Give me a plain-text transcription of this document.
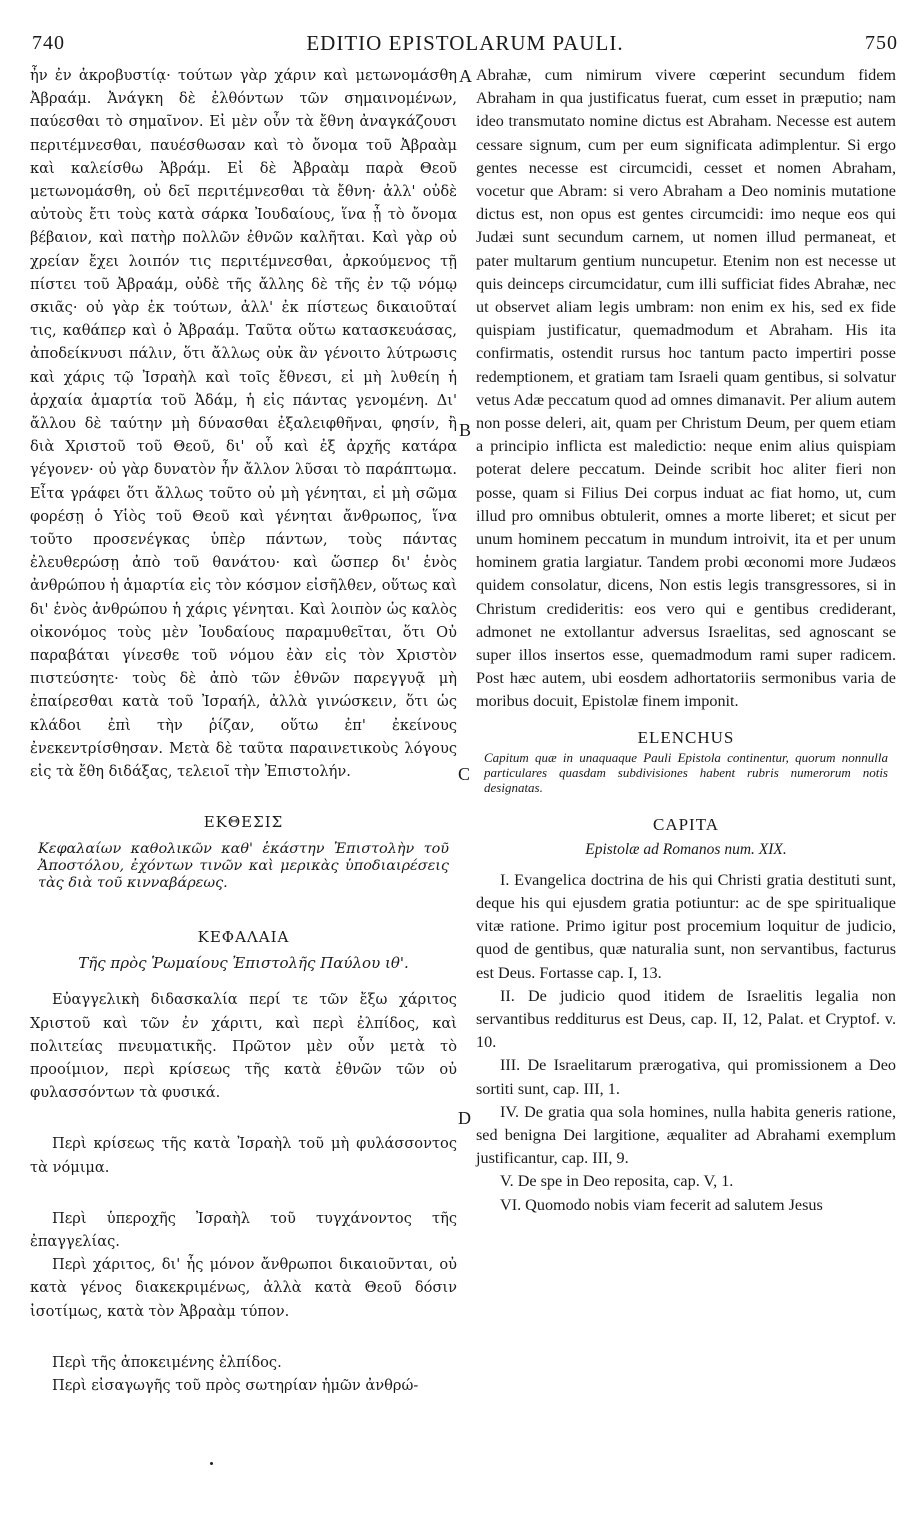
740	EDITIO EPISTOLARUM PAULI.	750
A
B
C
D

ἦν ἐν ἀκροβυστίᾳ· τούτων γὰρ χάριν καὶ μετωνομάσθη Ἀβραάμ. Ἀνάγκη δὲ ἐλθόντων τῶν σημαινομένων, παύεσθαι τὸ σημαῖνον. Εἰ μὲν οὖν τὰ ἔθνη ἀναγκάζουσι περιτέμνεσθαι, παυέσθωσαν καὶ τὸ ὄνομα τοῦ Ἀβραὰμ καὶ καλείσθω Ἀβράμ. Εἰ δὲ Ἀβραὰμ παρὰ Θεοῦ μετωνομάσθη, οὐ δεῖ περιτέμνεσθαι τὰ ἔθνη· ἀλλ' οὐδὲ αὐτοὺς ἔτι τοὺς κατὰ σάρκα Ἰουδαίους, ἵνα ᾖ τὸ ὄνομα βέβαιον, καὶ πατὴρ πολλῶν ἐθνῶν καλῆται. Καὶ γὰρ οὐ χρείαν ἔχει λοιπόν τις περιτέμνεσθαι, ἀρκούμενος τῇ πίστει τοῦ Ἀβραάμ, οὐδὲ τῆς ἄλλης δὲ τῆς ἐν τῷ νόμῳ σκιᾶς· οὐ γὰρ ἐκ τούτων, ἀλλ' ἐκ πίστεως δικαιοῦταί τις, καθάπερ καὶ ὁ Ἀβραάμ. Ταῦτα οὕτω κατασκευάσας, ἀποδείκνυσι πάλιν, ὅτι ἄλλως οὐκ ἂν γένοιτο λύτρωσις καὶ χάρις τῷ Ἰσραὴλ καὶ τοῖς ἔθνεσι, εἰ μὴ λυθείη ἡ ἀρχαία ἁμαρτία τοῦ Ἀδάμ, ἡ εἰς πάντας γενομένη. Δι' ἄλλου δὲ ταύτην μὴ δύνασθαι ἐξαλειφθῆναι, φησίν, ἢ διὰ Χριστοῦ τοῦ Θεοῦ, δι' οὗ καὶ ἐξ ἀρχῆς κατάρα γέγονεν· οὐ γὰρ δυνατὸν ἦν ἄλλον λῦσαι τὸ παράπτωμα. Εἶτα γράφει ὅτι ἄλλως τοῦτο οὐ μὴ γένηται, εἰ μὴ σῶμα φορέσῃ ὁ Υἱὸς τοῦ Θεοῦ καὶ γένηται ἄνθρωπος, ἵνα τοῦτο προσενέγκας ὑπὲρ πάντων, τοὺς πάντας ἐλευθερώσῃ ἀπὸ τοῦ θανάτου· καὶ ὥσπερ δι' ἑνὸς ἀνθρώπου ἡ ἁμαρτία εἰς τὸν κόσμον εἰσῆλθεν, οὕτως καὶ δι' ἑνὸς ἀνθρώπου ἡ χάρις γένηται. Καὶ λοιπὸν ὡς καλὸς οἰκονόμος τοὺς μὲν Ἰουδαίους παραμυθεῖται, ὅτι Οὐ παραβάται γίνεσθε τοῦ νόμου ἐὰν εἰς τὸν Χριστὸν πιστεύσητε· τοὺς δὲ ἀπὸ τῶν ἐθνῶν παρεγγυᾷ μὴ ἐπαίρεσθαι κατὰ τοῦ Ἰσραήλ, ἀλλὰ γινώσκειν, ὅτι ὡς κλάδοι ἐπὶ τὴν ῥίζαν, οὕτω ἐπ' ἐκείνους ἐνεκεντρίσθησαν. Μετὰ δὲ ταῦτα παραινετικοὺς λόγους εἰς τὰ ἔθη διδάξας, τελειοῖ τὴν Ἐπιστολήν.

ΕΚΘΕΣΙΣ

Κεφαλαίων καθολικῶν καθ' ἑκάστην Ἐπιστολὴν τοῦ Ἀποστόλου, ἐχόντων τινῶν καὶ μερικὰς ὑποδιαιρέσεις τὰς διὰ τοῦ κινναβάρεως.

ΚΕΦΑΛΑΙΑ

Τῆς πρὸς Ῥωμαίους Ἐπιστολῆς Παύλου ιθ'.

Εὐαγγελικὴ διδασκαλία περί τε τῶν ἔξω χάριτος Χριστοῦ καὶ τῶν ἐν χάριτι, καὶ περὶ ἐλπίδος, καὶ πολιτείας πνευματικῆς. Πρῶτον μὲν οὖν μετὰ τὸ προοίμιον, περὶ κρίσεως τῆς κατὰ ἐθνῶν τῶν οὐ φυλασσόντων τὰ φυσικά.

Περὶ κρίσεως τῆς κατὰ Ἰσραὴλ τοῦ μὴ φυλάσσοντος τὰ νόμιμα.

Περὶ ὑπεροχῆς Ἰσραὴλ τοῦ τυγχάνοντος τῆς ἐπαγγελίας.

Περὶ χάριτος, δι' ἧς μόνον ἄνθρωποι δικαιοῦνται, οὐ κατὰ γένος διακεκριμένως, ἀλλὰ κατὰ Θεοῦ δόσιν ἰσοτίμως, κατὰ τὸν Ἀβραὰμ τύπον.

Περὶ τῆς ἀποκειμένης ἐλπίδος.

Περὶ εἰσαγωγῆς τοῦ πρὸς σωτηρίαν ἡμῶν ἀνθρώ-

Abrahæ, cum nimirum vivere cœperint secundum fidem Abraham in qua justificatus fuerat, cum esset in præputio; nam ideo transmutato nomine dictus est Abraham. Necesse est autem cessare signum, cum per eum significata adimplentur. Si ergo gentes necesse est circumcidi, cesset et nomen Abraham, vocetur que Abram: si vero Abraham a Deo nominis mutatione dictus est, non opus est gentes circumcidi: imo neque eos qui Judæi sunt secundum carnem, ut nomen illud permaneat, et pater multarum gentium nuncupetur. Etenim non est necesse ut quis deinceps circumcidatur, cum illi sufficiat fides Abrahæ, nec ut observet aliam legis umbram: non enim ex his, sed ex fide quispiam justificatur, quemadmodum et Abraham. His ita confirmatis, ostendit rursus hoc tantum pacto impertiri posse redemptionem, et gratiam tam Israeli quam gentibus, si solvatur vetus Adæ peccatum quod ad omnes dimanavit. Per alium autem non posse deleri, ait, quam per Christum Deum, per quem etiam a principio inflicta est maledictio: neque enim alius quispiam poterat delere peccatum. Deinde scribit hoc aliter fieri non posse, quam si Filius Dei corpus induat ac fiat homo, ut, cum illud pro omnibus obtulerit, omnes a morte liberet; et sicut per unum hominem peccatum in mundum introivit, ita et per unum hominem gratia largiatur. Tandem probi œconomi more Judæos quidem consolatur, dicens, Non estis legis transgressores, si in Christum credideritis: eos vero qui e gentibus crediderant, admonet ne extollantur adversus Israelitas, sed agnoscant se super illos insertos esse, quemadmodum rami super radicem. Post hæc autem, ubi eosdem adhortatoriis sermonibus varia de moribus docuit, Epistolæ finem imponit.

ELENCHUS

Capitum quæ in unaquaque Pauli Epistola continentur, quorum nonnulla particulares quasdam subdivisiones habent rubris numerorum notis designatas.

CAPITA

Epistolæ ad Romanos num. XIX.

I. Evangelica doctrina de his qui Christi gratia destituti sunt, deque his qui ejusdem gratia potiuntur: ac de spe spiritualique vitæ ratione. Primo igitur post procemium loquitur de judicio, quod de gentibus, quæ naturalia sunt, non servantibus, facturus est Deus. Fortasse cap. I, 13.

II. De judicio quod itidem de Israelitis legalia non servantibus redditurus est Deus, cap. II, 12, Palat. et Cryptof. v. 10.

III. De Israelitarum prærogativa, qui promissionem a Deo sortiti sunt, cap. III, 1.

IV. De gratia qua sola homines, nulla habita generis ratione, sed benigna Dei largitione, æqualiter ad Abrahami exemplum justificantur, cap. III, 9.

V. De spe in Deo reposita, cap. V, 1.

VI. Quomodo nobis viam fecerit ad salutem Jesus
